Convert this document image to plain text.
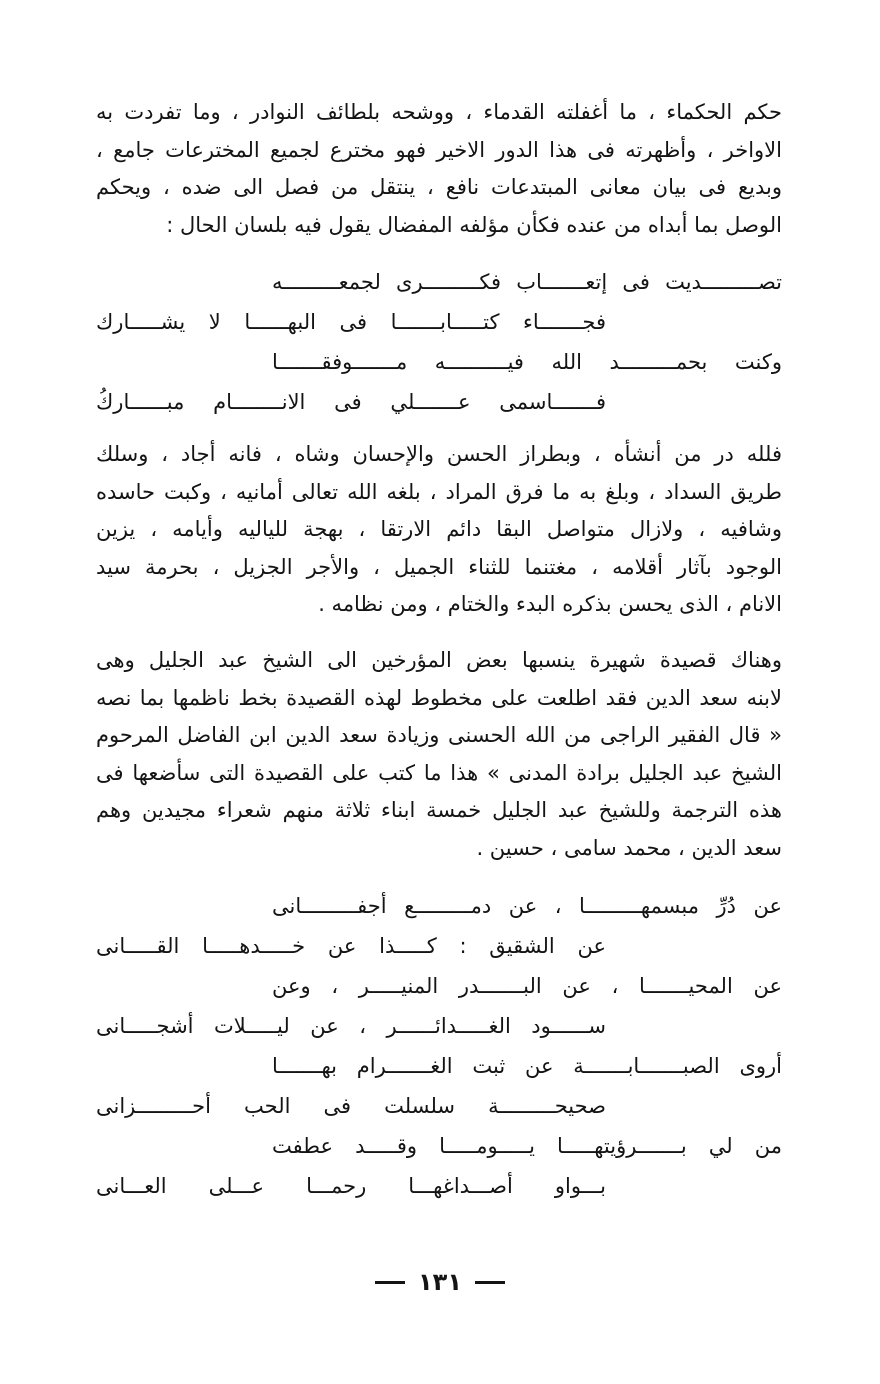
حكم الحكماء ، ما أغفلته القدماء ، ووشحه بلطائف النوادر ، وما تفردت به
الاواخر ، وأظهرته فى هذا الدور الاخير فهو مخترع لجميع المخترعات جامع ،
وبديع فى بيان معانى المبتدعات نافع ، ينتقل من فصل الى ضده ، ويحكم
الوصل بما أبداه من عنده فكأن مؤلفه المفضال يقول فيه بلسان الحال :
تصـــــــــديت فى إتعـــــــاب فكـــــــــرى لجمعـــــــــه
فجـــــــاء كتـــــابـــــــا فى البهــــــا لا يشـــــارك
وكنت بحمـــــــــد الله فيــــــــــه مـــــــوفقـــــــا
فـــــــاسمى عـــــــلي فى الانــــــــام مبــــــاركُ
فلله در من أنشأه ، وبطراز الحسن والإحسان وشاه ، فانه أجاد ، وسلك
طريق السداد ، وبلغ به ما فرق المراد ، بلغه الله تعالى أمانيه ، وكبت حاسده
وشافيه ، ولازال متواصل البقا دائم الارتقا ، بهجة للياليه وأيامه ، يزين
الوجود بآثار أقلامه ، مغتنما للثناء الجميل ، والأجر الجزيل ، بحرمة سيد
الانام ، الذى يحسن بذكره البدء والختام ، ومن نظامه .
وهناك قصيدة شهيرة ينسبها بعض المؤرخين الى الشيخ عبد الجليل وهى
لابنه سعد الدين فقد اطلعت على مخطوط لهذه القصيدة بخط ناظمها بما نصه
« قال الفقير الراجى من الله الحسنى وزيادة سعد الدين ابن الفاضل المرحوم
الشيخ عبد الجليل برادة المدنى » هذا ما كتب على القصيدة التى سأضعها فى
هذه الترجمة وللشيخ عبد الجليل خمسة ابناء ثلاثة منهم شعراء مجيدين وهم
سعد الدين ، محمد سامى ، حسين .
عن دُرِّ مبسمهـــــــــا ، عن دمـــــــــع أجفـــــــــانى
عن الشقيق : كـــــذا عن خـــــدهـــــا القـــــانى
عن المحيـــــــا ، عن البـــــــدر المنيـــــر ، وعن
ســــــود الغـــــدائــــــر ، عن ليـــــلات أشجـــــانى
أروى الصبـــــــابـــــــة عن ثبت الغـــــــرام بهـــــــا
صحيحـــــــــة سلسلت فى الحب أحـــــــــزانى
من لي بـــــــرؤيتهـــــا يـــــومـــــا وقـــــد عطفت
بـــواو أصـــداغهـــا رحمـــا عـــلى العـــانى
١٣١
